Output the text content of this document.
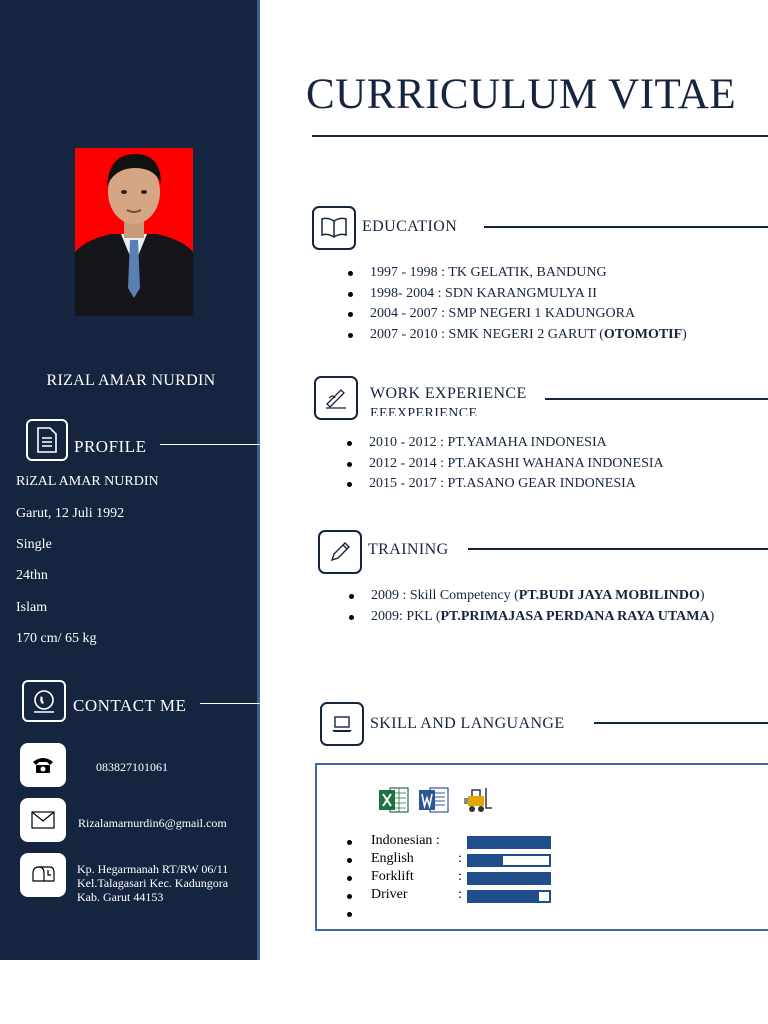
RIZAL AMAR NURDIN
PROFILE
RiZAL AMAR NURDIN
Garut, 12 Juli 1992
Single
24thn
Islam
170 cm/ 65 kg
CONTACT ME
083827101061
Rizalamarnurdin6@gmail.com
Kp. Hegarmanah RT/RW 06/11
Kel.Talagasari Kec. Kadungora
Kab. Garut 44153
CURRICULUM VITAE
EDUCATION
1997 - 1998 : TK GELATIK, BANDUNG
1998- 2004 : SDN KARANGMULYA II
2004 - 2007 : SMP NEGERI 1 KADUNGORA
2007 - 2010 : SMK NEGERI 2 GARUT (OTOMOTIF)
WORK EXPERIENCE
EEEXPERIENCE
2010 - 2012 : PT.YAMAHA INDONESIA
2012 - 2014 : PT.AKASHI WAHANA INDONESIA
2015 - 2017 : PT.ASANO GEAR INDONESIA
TRAINING
2009 : Skill Competency (PT.BUDI JAYA MOBILINDO)
2009: PKL (PT.PRIMAJASA PERDANA RAYA UTAMA)
SKILL AND LANGUANGE
Indonesian :
English	:
Forklift	:
Driver	:
